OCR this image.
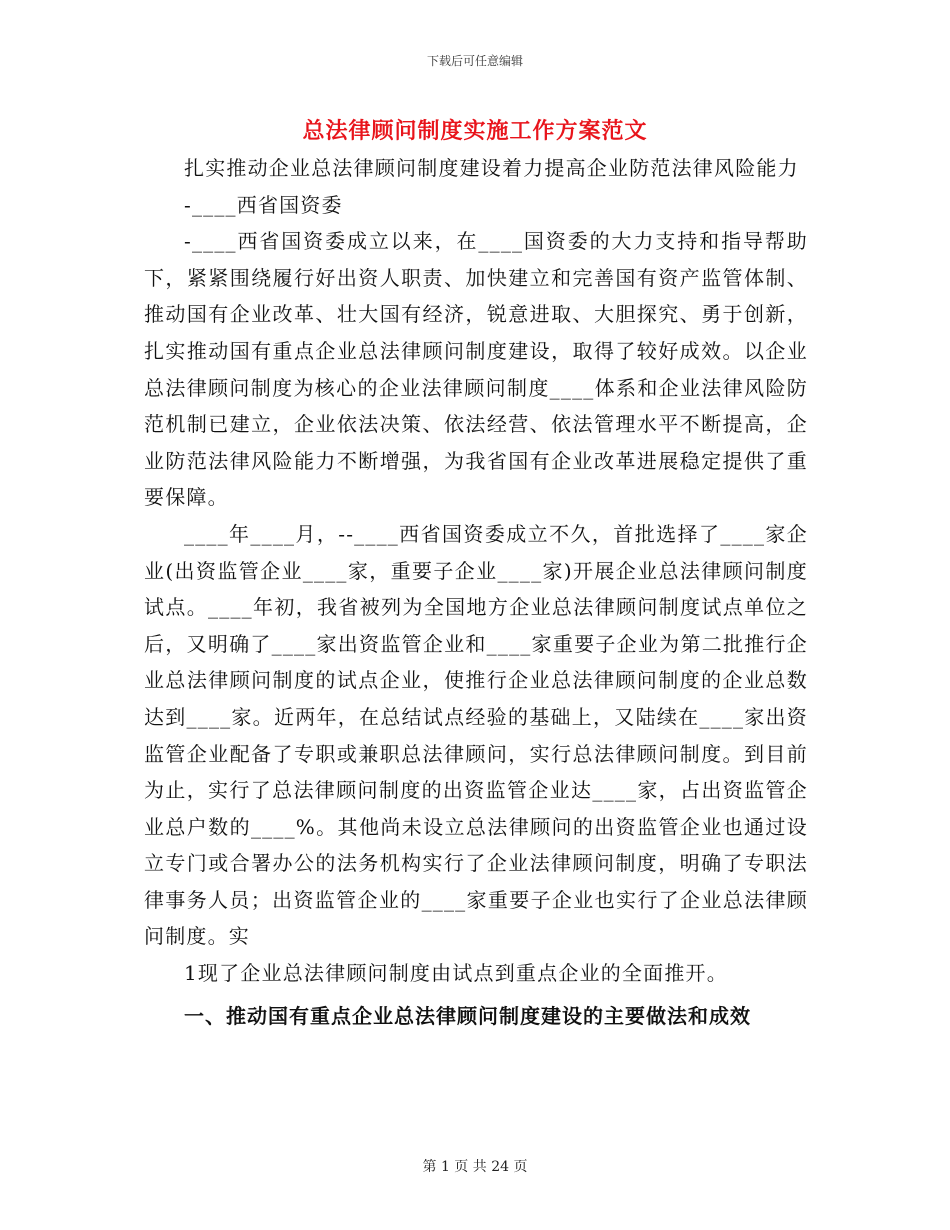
下载后可任意编辑
总法律顾问制度实施工作方案范文

扎实推动企业总法律顾问制度建设着力提高企业防范法律风险能力

-____西省国资委

-____西省国资委成立以来，在____国资委的大力支持和指导帮助下，紧紧围绕履行好出资人职责、加快建立和完善国有资产监管体制、推动国有企业改革、壮大国有经济，锐意进取、大胆探究、勇于创新，扎实推动国有重点企业总法律顾问制度建设，取得了较好成效。以企业总法律顾问制度为核心的企业法律顾问制度____体系和企业法律风险防范机制已建立，企业依法决策、依法经营、依法管理水平不断提高，企业防范法律风险能力不断增强，为我省国有企业改革进展稳定提供了重要保障。

____年____月，--____西省国资委成立不久，首批选择了____家企业(出资监管企业____家，重要子企业____家)开展企业总法律顾问制度试点。____年初，我省被列为全国地方企业总法律顾问制度试点单位之后，又明确了____家出资监管企业和____家重要子企业为第二批推行企业总法律顾问制度的试点企业，使推行企业总法律顾问制度的企业总数达到____家。近两年，在总结试点经验的基础上，又陆续在____家出资监管企业配备了专职或兼职总法律顾问，实行总法律顾问制度。到目前为止，实行了总法律顾问制度的出资监管企业达____家，占出资监管企业总户数的____%。其他尚未设立总法律顾问的出资监管企业也通过设立专门或合署办公的法务机构实行了企业法律顾问制度，明确了专职法律事务人员；出资监管企业的____家重要子企业也实行了企业总法律顾问制度。实

1现了企业总法律顾问制度由试点到重点企业的全面推开。

一、推动国有重点企业总法律顾问制度建设的主要做法和成效

第 1 页 共 24 页
